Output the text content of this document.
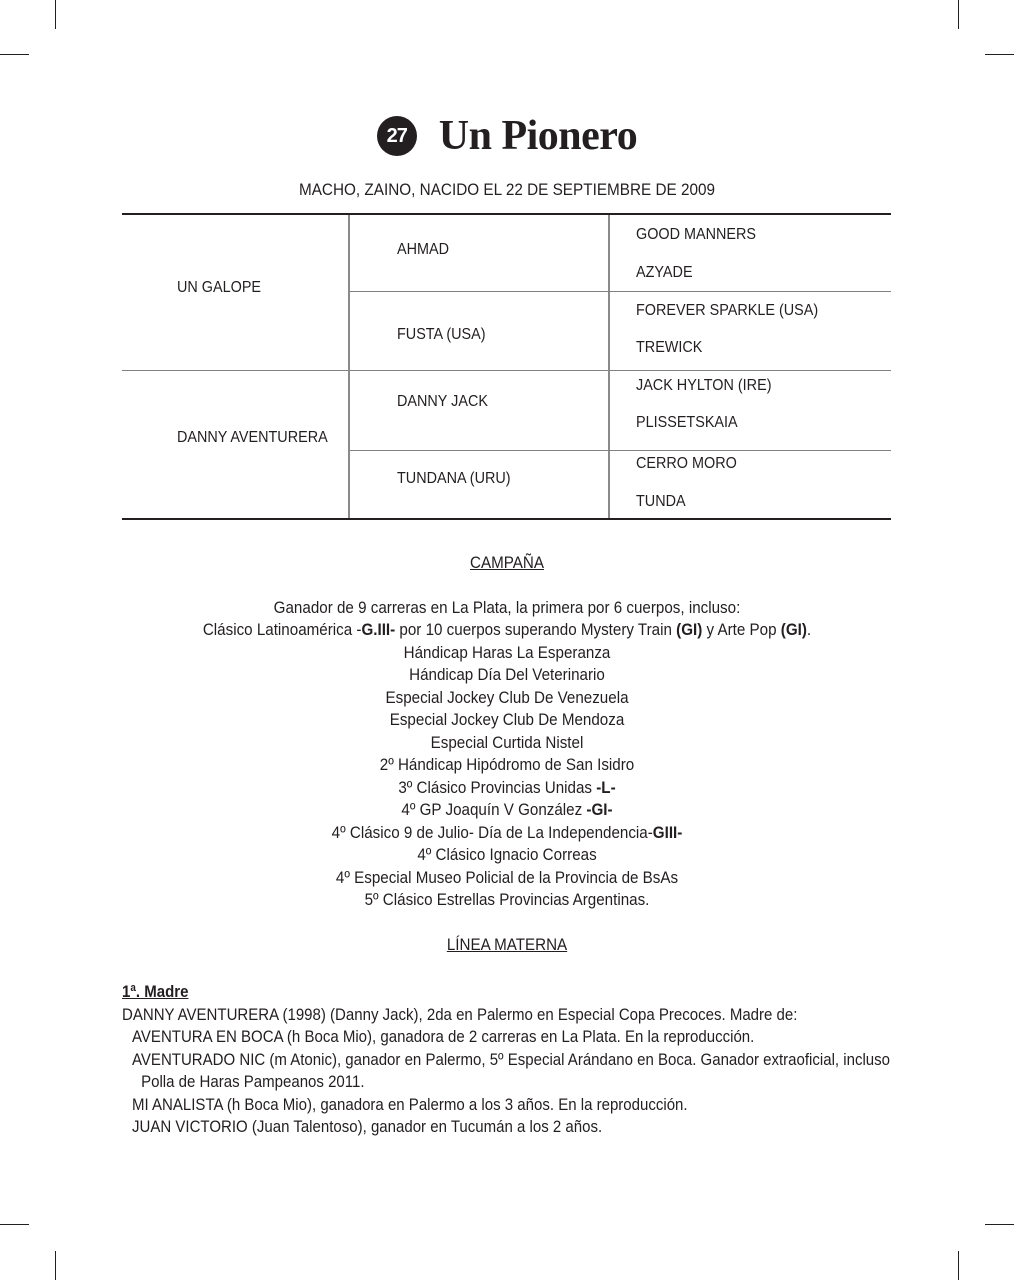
27 Un Pionero
MACHO, ZAINO, NACIDO EL 22 DE SEPTIEMBRE DE 2009
UN GALOPE
DANNY AVENTURERA
AHMAD
FUSTA (USA)
DANNY JACK
TUNDANA (URU)
GOOD MANNERS
AZYADE
FOREVER SPARKLE (USA)
TREWICK
JACK HYLTON (IRE)
PLISSETSKAIA
CERRO MORO
TUNDA
CAMPAÑA
Ganador de 9 carreras en La Plata, la primera por 6 cuerpos, incluso:
Clásico Latinoamérica -G.III- por 10 cuerpos superando Mystery Train (GI) y Arte Pop (GI).
Hándicap Haras La Esperanza
Hándicap Día Del Veterinario
Especial Jockey Club De Venezuela
Especial Jockey Club De Mendoza
Especial Curtida Nistel
2º Hándicap Hipódromo de San Isidro
3º Clásico Provincias Unidas -L-
4º GP Joaquín V González -GI-
4º Clásico 9 de Julio- Día de La Independencia-GIII-
4º Clásico Ignacio Correas
4º Especial Museo Policial de la Provincia de BsAs
5º Clásico Estrellas Provincias Argentinas.
LÍNEA MATERNA
1ª. Madre
DANNY AVENTURERA (1998) (Danny Jack), 2da en Palermo en Especial Copa Precoces. Madre de:
AVENTURA EN BOCA (h Boca Mio), ganadora de 2 carreras en La Plata. En la reproducción.
AVENTURADO NIC (m Atonic), ganador en Palermo, 5º Especial Arándano en Boca. Ganador extraoficial, incluso
Polla de Haras Pampeanos 2011.
MI ANALISTA (h Boca Mio), ganadora en Palermo a los 3 años. En la reproducción.
JUAN VICTORIO (Juan Talentoso), ganador en Tucumán a los 2 años.
